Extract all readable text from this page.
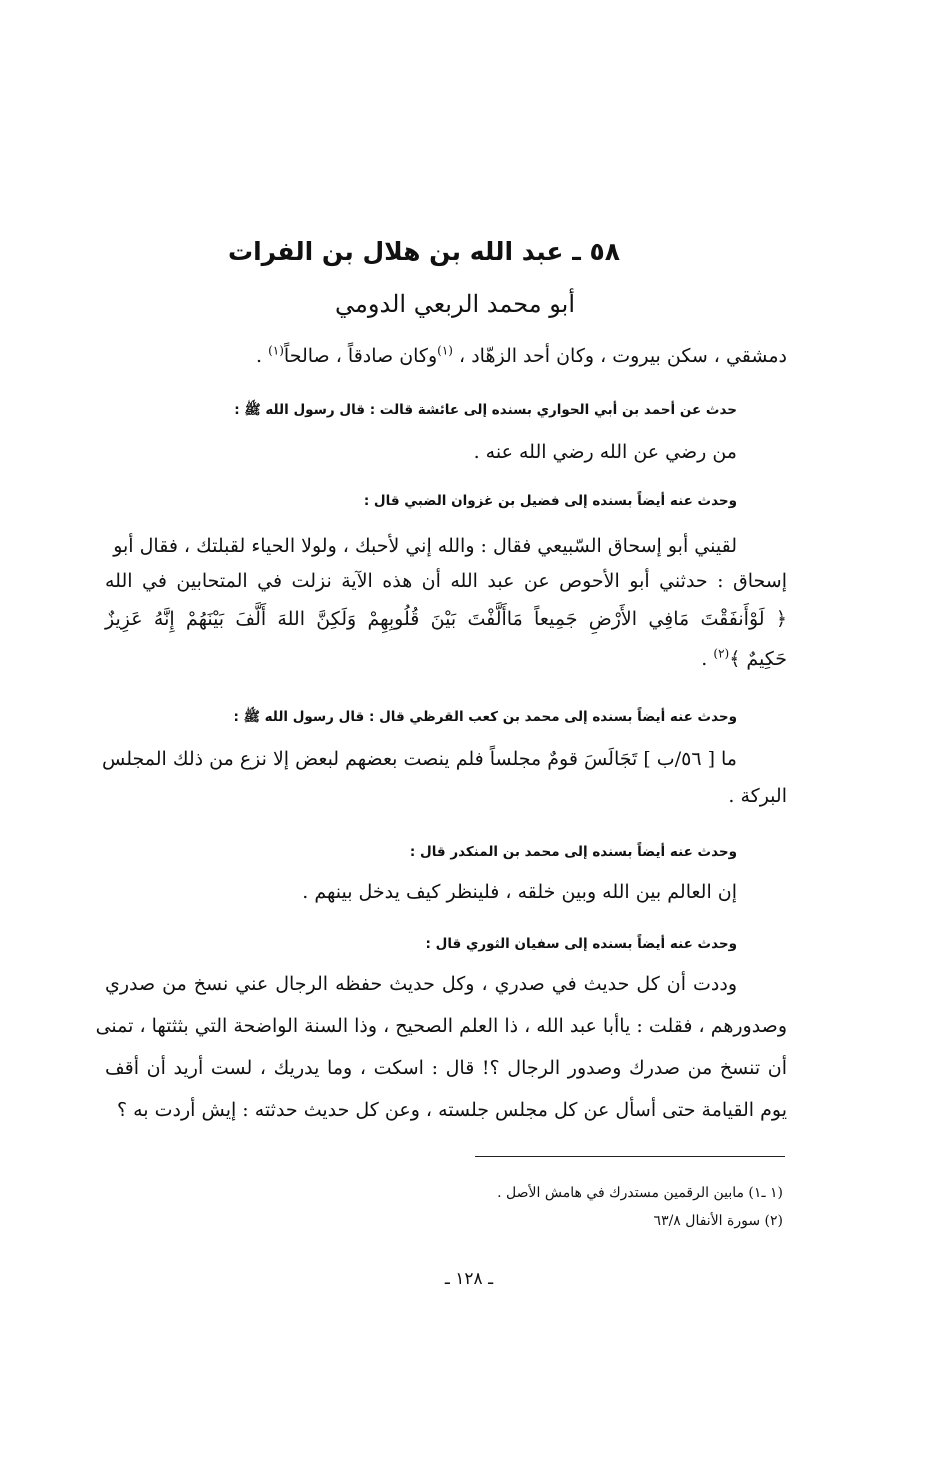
٥٨ ـ عبد الله بن هلال بن الفرات
أبو محمد الربعي الدومي
دمشقي ، سكن بيروت ، وكان أحد الزهّاد ، $^{(١)}$وكان صادقاً ، صالحاً$^{(١)}$ .
حدث عن أحمد بن أبي الحواري بسنده إلى عائشة قالت : قال رسول الله ﷺ :
من رضي عن الله رضي الله عنه .
وحدث عنه أيضاً بسنده إلى فضيل بن غزوان الضبي قال :
لقيني أبو إسحاق السّبيعي فقال : والله إني لأحبك ، ولولا الحياء لقبلتك ، فقال أبو
إسحاق : حدثني أبو الأحوص عن عبد الله أن هذه الآية نزلت في المتحابين في الله
﴿ لَوْأَنفَقْتَ مَافِي الأَرْضِ جَمِيعاً مَاأَلَّفْتَ بَيْنَ قُلُوبِهِمْ وَلَكِنَّ اللهَ أَلَّفَ بَيْنَهُمْ إِنَّهُ عَزِيزٌ
حَكِيمٌ ﴾$^{(٢)}$ .
وحدث عنه أيضاً بسنده إلى محمد بن كعب القرظي قال : قال رسول الله ﷺ :
ما [ ٥٦/ب ] تَجَالَسَ قومٌ مجلساً فلم ينصت بعضهم لبعض إلا نزع من ذلك المجلس
البركة .
وحدث عنه أيضاً بسنده إلى محمد بن المنكدر قال :
إن العالم بين الله وبين خلقه ، فلينظر كيف يدخل بينهم .
وحدث عنه أيضاً بسنده إلى سفيان الثوري قال :
وددت أن كل حديث في صدري ، وكل حديث حفظه الرجال عني نسخ من صدري
وصدورهم ، فقلت : ياأبا عبد الله ، ذا العلم الصحيح ، وذا السنة الواضحة التي بثثتها ، تمنى
أن تنسخ من صدرك وصدور الرجال ؟! قال : اسكت ، وما يدريك ، لست أريد أن أقف
يوم القيامة حتى أسأل عن كل مجلس جلسته ، وعن كل حديث حدثته : إيش أردت به ؟
(١ ـ١) مابين الرقمين مستدرك في هامش الأصل .
(٢) سورة الأنفال ٦٣/٨
ـ ١٢٨ ـ
